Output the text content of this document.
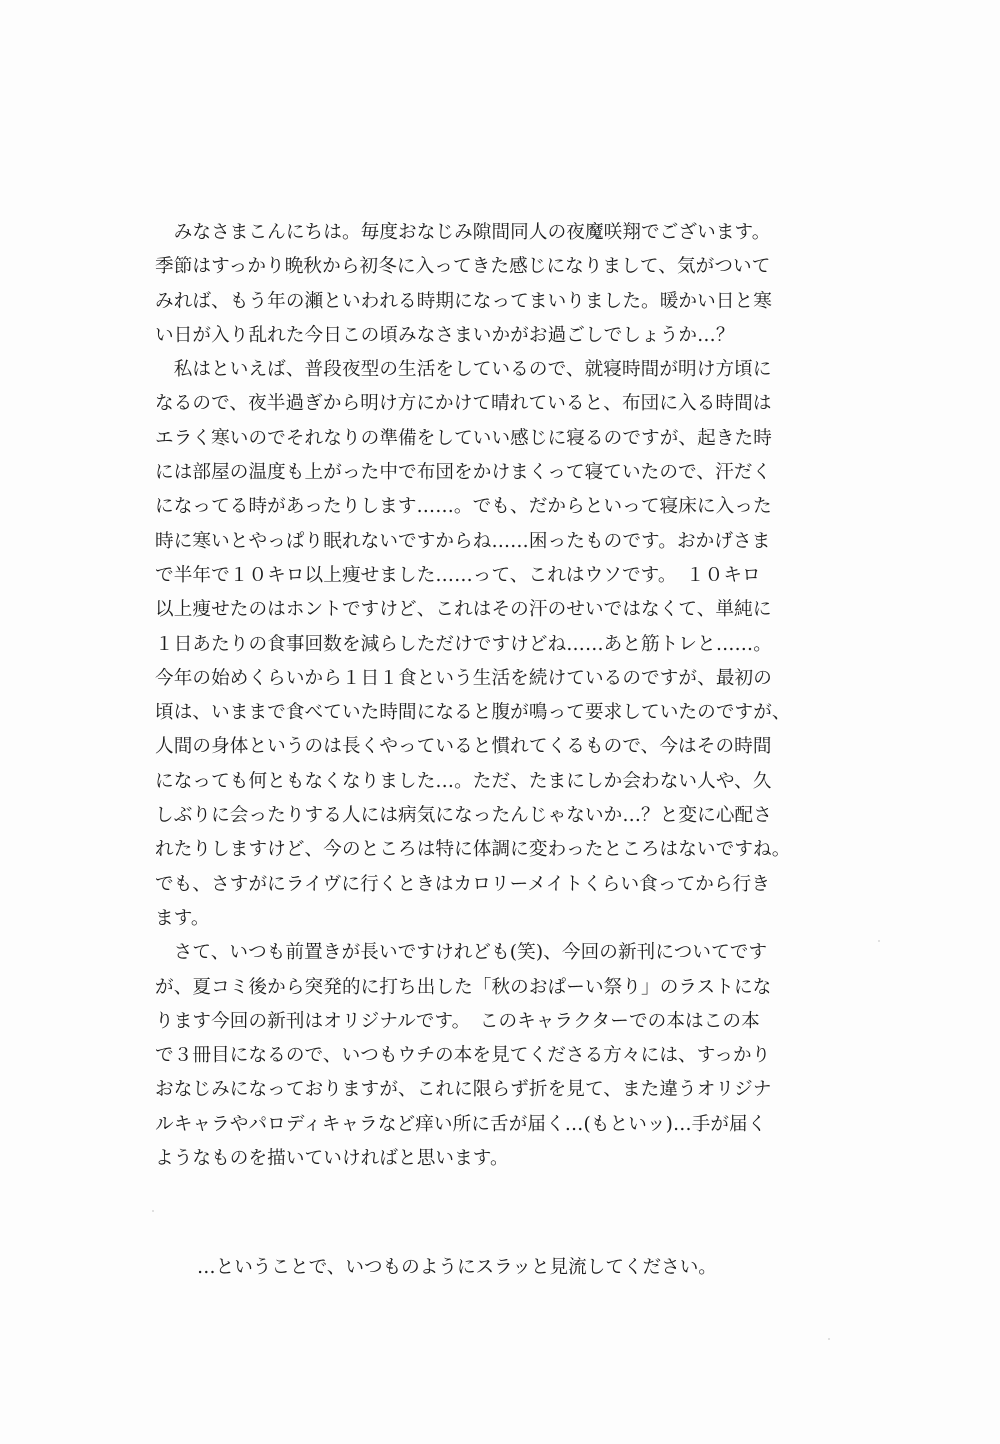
　みなさまこんにちは。毎度おなじみ隙間同人の夜魔咲翔でございます。
季節はすっかり晩秋から初冬に入ってきた感じになりまして、気がついて
みれば、もう年の瀬といわれる時期になってまいりました。暖かい日と寒
い日が入り乱れた今日この頃みなさまいかがお過ごしでしょうか…？
　私はといえば、普段夜型の生活をしているので、就寝時間が明け方頃に
なるので、夜半過ぎから明け方にかけて晴れていると、布団に入る時間は
エラく寒いのでそれなりの準備をしていい感じに寝るのですが、起きた時
には部屋の温度も上がった中で布団をかけまくって寝ていたので、汗だく
になってる時があったりします……。でも、だからといって寝床に入った
時に寒いとやっぱり眠れないですからね……困ったものです。おかげさま
で半年で１０キロ以上痩せました……って、これはウソです。　１０キロ
以上痩せたのはホントですけど、これはその汗のせいではなくて、単純に
１日あたりの食事回数を減らしただけですけどね……あと筋トレと……。
今年の始めくらいから１日１食という生活を続けているのですが、最初の
頃は、いままで食べていた時間になると腹が鳴って要求していたのですが、
人間の身体というのは長くやっていると慣れてくるもので、今はその時間
になっても何ともなくなりました…。ただ、たまにしか会わない人や、久
しぶりに会ったりする人には病気になったんじゃないか…？と変に心配さ
れたりしますけど、今のところは特に体調に変わったところはないですね。
でも、さすがにライヴに行くときはカロリーメイトくらい食ってから行き
ます。
　さて、いつも前置きが長いですけれども(笑)、今回の新刊についてです
が、夏コミ後から突発的に打ち出した「秋のおぱーい祭り」のラストにな
ります今回の新刊はオリジナルです。　このキャラクターでの本はこの本
で３冊目になるので、いつもウチの本を見てくださる方々には、すっかり
おなじみになっておりますが、これに限らず折を見て、また違うオリジナ
ルキャラやパロディキャラなど痒い所に舌が届く…(もといッ)…手が届く
ようなものを描いていければと思います。
…ということで、いつものようにスラッと見流してください。
